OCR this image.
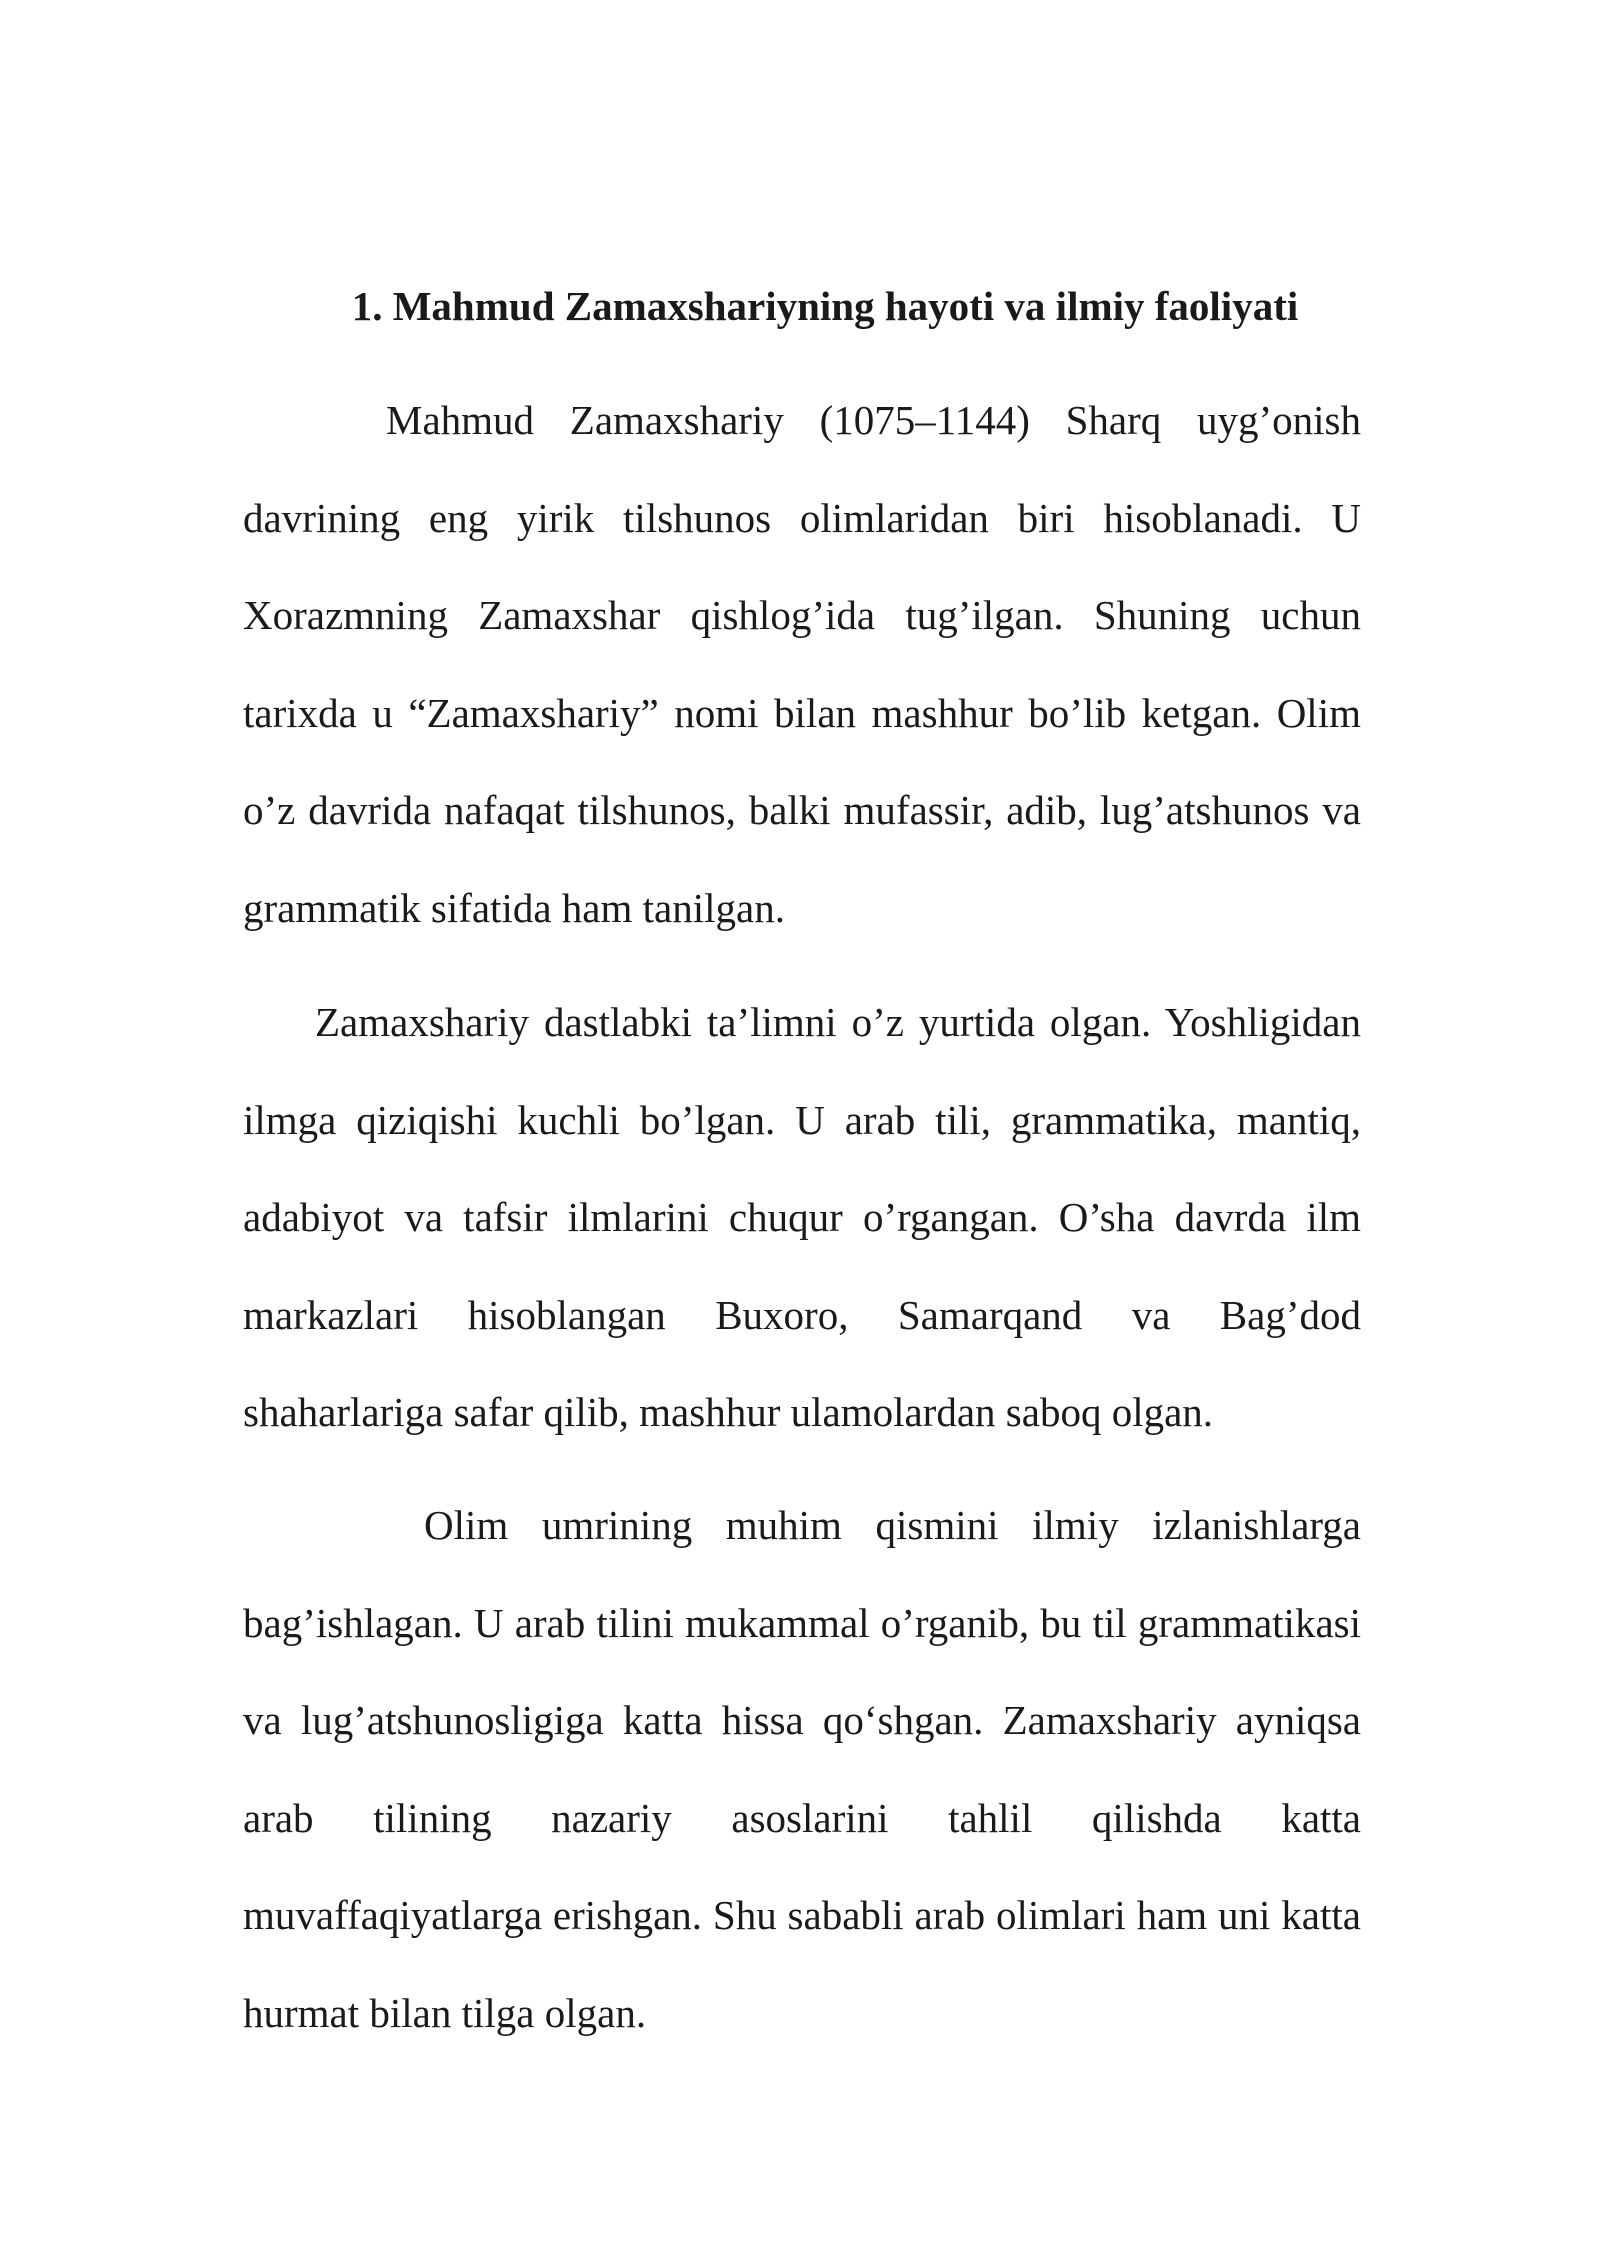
1. Mahmud Zamaxshariyning hayoti va ilmiy faoliyati

Mahmud Zamaxshariy (1075–1144) Sharq uyg’onish davrining eng yirik tilshunos olimlaridan biri hisoblanadi. U Xorazmning Zamaxshar qishlog’ida tug’ilgan. Shuning uchun tarixda u “Zamaxshariy” nomi bilan mashhur bo’lib ketgan. Olim o’z davrida nafaqat tilshunos, balki mufassir, adib, lug’atshunos va grammatik sifatida ham tanilgan.

Zamaxshariy dastlabki ta’limni o’z yurtida olgan. Yoshligidan ilmga qiziqishi kuchli bo’lgan. U arab tili, grammatika, mantiq, adabiyot va tafsir ilmlarini chuqur o’rgangan. O’sha davrda ilm markazlari hisoblangan Buxoro, Samarqand va Bag’dod shaharlariga safar qilib, mashhur ulamolardan saboq olgan.

Olim umrining muhim qismini ilmiy izlanishlarga bag’ishlagan. U arab tilini mukammal o’rganib, bu til grammatikasi va lug’atshunosligiga katta hissa qo‘shgan. Zamaxshariy ayniqsa arab tilining nazariy asoslarini tahlil qilishda katta muvaffaqiyatlarga erishgan. Shu sababli arab olimlari ham uni katta hurmat bilan tilga olgan.
